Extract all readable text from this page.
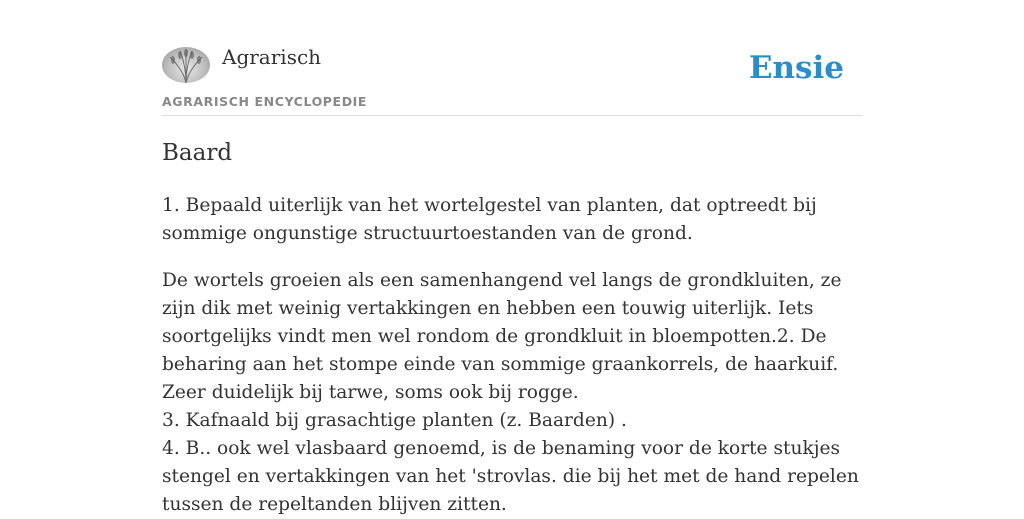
Agrarisch
AGRARISCH ENCYCLOPEDIE
Ensie
Baard

1. Bepaald uiterlijk van het wortelgestel van planten, dat optreedt bij sommige ongunstige structuurtoestanden van de grond.

De wortels groeien als een samenhangend vel langs de grondkluiten, ze zijn dik met weinig vertakkingen en hebben een touwig uiterlijk. Iets soortgelijks vindt men wel rondom de grondkluit in bloempotten.2. De beharing aan het stompe einde van sommige graankorrels, de haarkuif. Zeer duidelijk bij tarwe, soms ook bij rogge.
3. Kafnaald bij grasachtige planten (z. Baarden) .
4. B.. ook wel vlasbaard genoemd, is de benaming voor de korte stukjes stengel en vertakkingen van het 'strovlas. die bij het met de hand repelen tussen de repeltanden blijven zitten.
